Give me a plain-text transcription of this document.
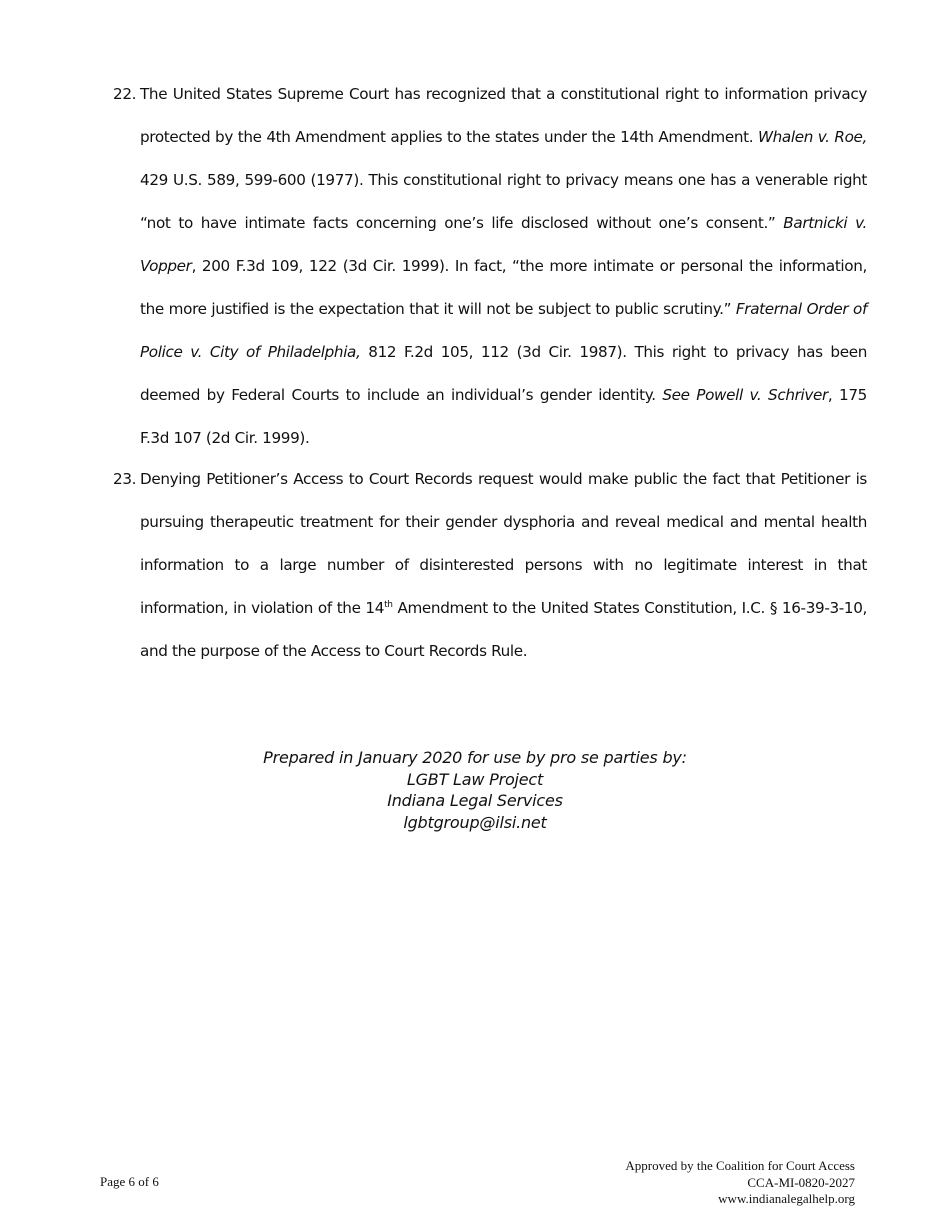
22. The United States Supreme Court has recognized that a constitutional right to information privacy protected by the 4th Amendment applies to the states under the 14th Amendment. Whalen v. Roe, 429 U.S. 589, 599-600 (1977). This constitutional right to privacy means one has a venerable right “not to have intimate facts concerning one’s life disclosed without one’s consent.” Bartnicki v. Vopper, 200 F.3d 109, 122 (3d Cir. 1999). In fact, “the more intimate or personal the information, the more justified is the expectation that it will not be subject to public scrutiny.” Fraternal Order of Police v. City of Philadelphia, 812 F.2d 105, 112 (3d Cir. 1987). This right to privacy has been deemed by Federal Courts to include an individual’s gender identity. See Powell v. Schriver, 175 F.3d 107 (2d Cir. 1999).
23. Denying Petitioner’s Access to Court Records request would make public the fact that Petitioner is pursuing therapeutic treatment for their gender dysphoria and reveal medical and mental health information to a large number of disinterested persons with no legitimate interest in that information, in violation of the 14th Amendment to the United States Constitution, I.C. § 16-39-3-10, and the purpose of the Access to Court Records Rule.
Prepared in January 2020 for use by pro se parties by:
LGBT Law Project
Indiana Legal Services
lgbtgroup@ilsi.net
Page 6 of 6
Approved by the Coalition for Court Access
CCA-MI-0820-2027
www.indianalegalhelp.org
